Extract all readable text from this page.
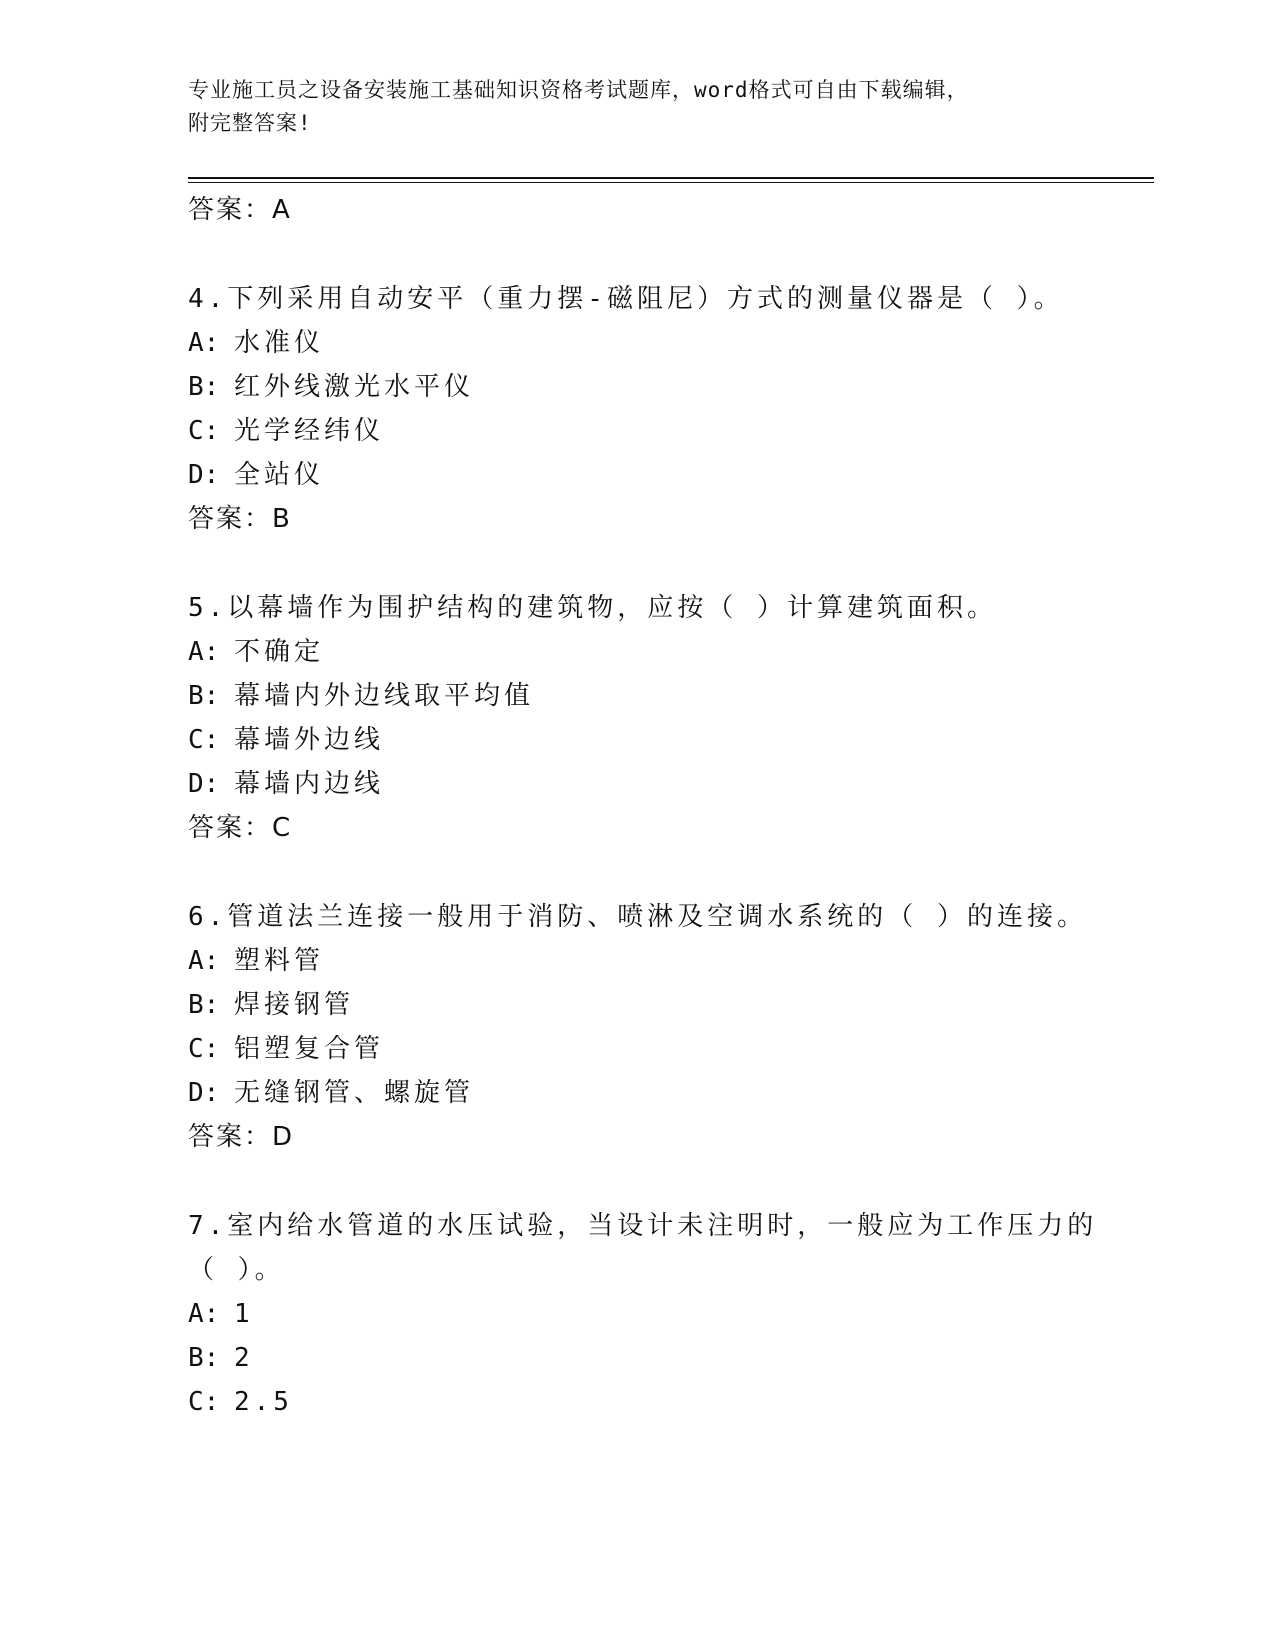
专业施工员之设备安装施工基础知识资格考试题库，word格式可自由下载编辑，
附完整答案!
答案：A
4.下列采用自动安平（重力摆-磁阻尼）方式的测量仪器是（ ）。
A: 水准仪
B: 红外线激光水平仪
C: 光学经纬仪
D: 全站仪
答案：B
5.以幕墙作为围护结构的建筑物，应按（ ）计算建筑面积。
A: 不确定
B: 幕墙内外边线取平均值
C: 幕墙外边线
D: 幕墙内边线
答案：C
6.管道法兰连接一般用于消防、喷淋及空调水系统的（ ）的连接。
A: 塑料管
B: 焊接钢管
C: 铝塑复合管
D: 无缝钢管、螺旋管
答案：D
7.室内给水管道的水压试验，当设计未注明时，一般应为工作压力的
（ ）。
A: 1
B: 2
C: 2.5
